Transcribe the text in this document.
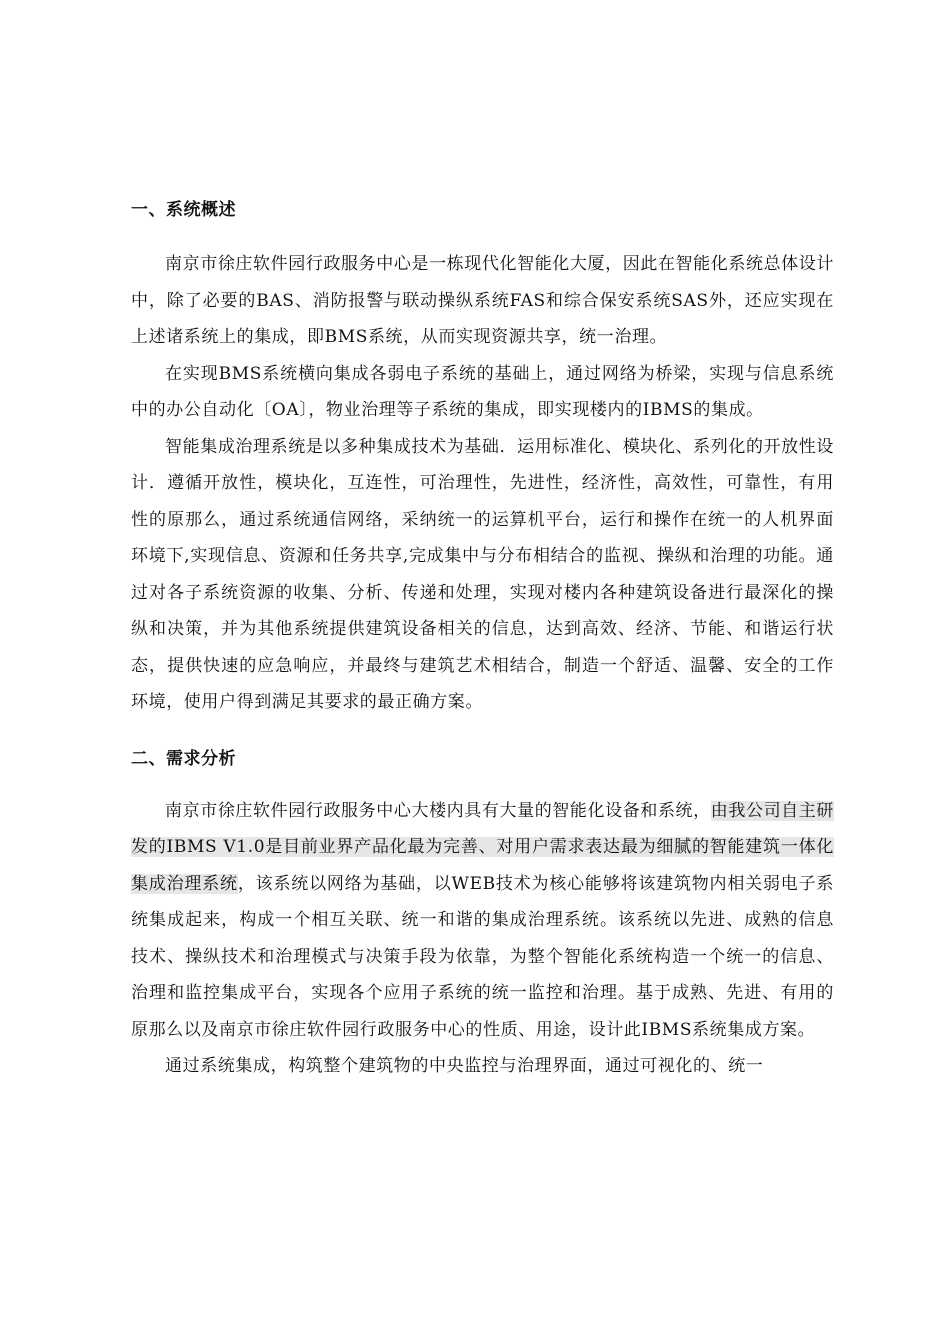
一、系统概述

南京市徐庄软件园行政服务中心是一栋现代化智能化大厦，因此在智能化系统总体设计中，除了必要的BAS、消防报警与联动操纵系统FAS和综合保安系统SAS外，还应实现在上述诸系统上的集成，即BMS系统，从而实现资源共享，统一治理。

在实现BMS系统横向集成各弱电子系统的基础上，通过网络为桥梁，实现与信息系统中的办公自动化〔OA〕，物业治理等子系统的集成，即实现楼内的IBMS的集成。

智能集成治理系统是以多种集成技术为基础．运用标准化、模块化、系列化的开放性设计．遵循开放性，模块化，互连性，可治理性，先进性，经济性，高效性，可靠性，有用性的原那么，通过系统通信网络，采纳统一的运算机平台，运行和操作在统一的人机界面环境下,实现信息、资源和任务共享,完成集中与分布相结合的监视、操纵和治理的功能。通过对各子系统资源的收集、分析、传递和处理，实现对楼内各种建筑设备进行最深化的操纵和决策，并为其他系统提供建筑设备相关的信息，达到高效、经济、节能、和谐运行状态，提供快速的应急响应，并最终与建筑艺术相结合，制造一个舒适、温馨、安全的工作环境，使用户得到满足其要求的最正确方案。

二、需求分析

南京市徐庄软件园行政服务中心大楼内具有大量的智能化设备和系统，由我公司自主研发的IBMS V1.0是目前业界产品化最为完善、对用户需求表达最为细腻的智能建筑一体化集成治理系统，该系统以网络为基础，以WEB技术为核心能够将该建筑物内相关弱电子系统集成起来，构成一个相互关联、统一和谐的集成治理系统。该系统以先进、成熟的信息技术、操纵技术和治理模式与决策手段为依靠，为整个智能化系统构造一个统一的信息、治理和监控集成平台，实现各个应用子系统的统一监控和治理。基于成熟、先进、有用的原那么以及南京市徐庄软件园行政服务中心的性质、用途，设计此IBMS系统集成方案。

通过系统集成，构筑整个建筑物的中央监控与治理界面，通过可视化的、统一
